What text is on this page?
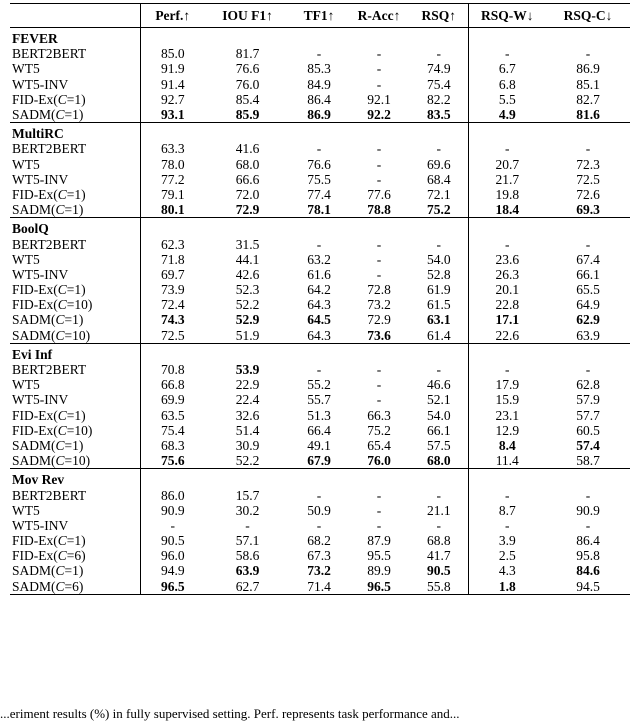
	Perf.↑	IOU F1↑	TF1↑	R-Acc↑	RSQ↑	RSQ-W↓	RSQ-C↓
FEVER							
BERT2BERT	85.0	81.7	-	-	-	-	-
WT5	91.9	76.6	85.3	-	74.9	6.7	86.9
WT5-INV	91.4	76.0	84.9	-	75.4	6.8	85.1
FID-Ex(C=1)	92.7	85.4	86.4	92.1	82.2	5.5	82.7
SADM(C=1)	93.1	85.9	86.9	92.2	83.5	4.9	81.6
MultiRC							
BERT2BERT	63.3	41.6	-	-	-	-	-
WT5	78.0	68.0	76.6	-	69.6	20.7	72.3
WT5-INV	77.2	66.6	75.5	-	68.4	21.7	72.5
FID-Ex(C=1)	79.1	72.0	77.4	77.6	72.1	19.8	72.6
SADM(C=1)	80.1	72.9	78.1	78.8	75.2	18.4	69.3
BoolQ							
BERT2BERT	62.3	31.5	-	-	-	-	-
WT5	71.8	44.1	63.2	-	54.0	23.6	67.4
WT5-INV	69.7	42.6	61.6	-	52.8	26.3	66.1
FID-Ex(C=1)	73.9	52.3	64.2	72.8	61.9	20.1	65.5
FID-Ex(C=10)	72.4	52.2	64.3	73.2	61.5	22.8	64.9
SADM(C=1)	74.3	52.9	64.5	72.9	63.1	17.1	62.9
SADM(C=10)	72.5	51.9	64.3	73.6	61.4	22.6	63.9
Evi Inf							
BERT2BERT	70.8	53.9	-	-	-	-	-
WT5	66.8	22.9	55.2	-	46.6	17.9	62.8
WT5-INV	69.9	22.4	55.7	-	52.1	15.9	57.9
FID-Ex(C=1)	63.5	32.6	51.3	66.3	54.0	23.1	57.7
FID-Ex(C=10)	75.4	51.4	66.4	75.2	66.1	12.9	60.5
SADM(C=1)	68.3	30.9	49.1	65.4	57.5	8.4	57.4
SADM(C=10)	75.6	52.2	67.9	76.0	68.0	11.4	58.7
Mov Rev							
BERT2BERT	86.0	15.7	-	-	-	-	-
WT5	90.9	30.2	50.9	-	21.1	8.7	90.9
WT5-INV	-	-	-	-	-	-	-
FID-Ex(C=1)	90.5	57.1	68.2	87.9	68.8	3.9	86.4
FID-Ex(C=6)	96.0	58.6	67.3	95.5	41.7	2.5	95.8
SADM(C=1)	94.9	63.9	73.2	89.9	90.5	4.3	84.6
SADM(C=6)	96.5	62.7	71.4	96.5	55.8	1.8	94.5
...eriment results (%) in fully supervised setting. Perf. represents task performance and...
